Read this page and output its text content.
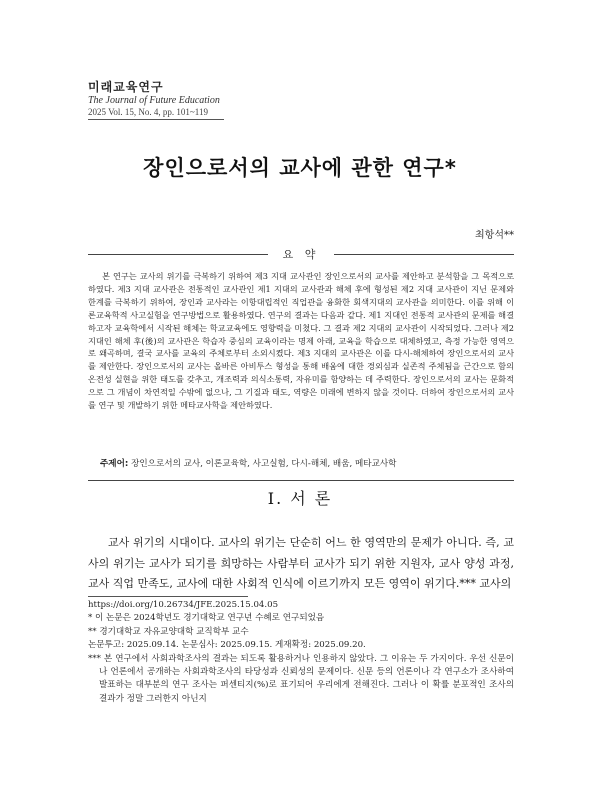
미래교육연구
The Journal of Future Education
2025 Vol. 15, No. 4, pp. 101~119
장인으로서의 교사에 관한 연구*
최항석**
요 약
본 연구는 교사의 위기를 극복하기 위하여 제3 지대 교사관인 장인으로서의 교사를 제안하고 분석함을 그 목적으로 하였다. 제3 지대 교사관은 전통적인 교사관인 제1 지대의 교사관과 해체 후에 형성된 제2 지대 교사관이 지닌 문제와 한계를 극복하기 위하여, 장인과 교사라는 이항대립적인 직업관을 융화한 회색지대의 교사관을 의미한다. 이를 위해 이론교육학적 사고실험을 연구방법으로 활용하였다. 연구의 결과는 다음과 같다. 제1 지대인 전통적 교사관의 문제를 해결하고자 교육학에서 시작된 해체는 학교교육에도 영향력을 미쳤다. 그 결과 제2 지대의 교사관이 시작되었다. 그러나 제2 지대인 해체 후(後)의 교사관은 학습자 중심의 교육이라는 명제 아래, 교육을 학습으로 대체하였고, 측정 가능한 영역으로 왜곡하며, 결국 교사를 교육의 주체로부터 소외시켰다. 제3 지대의 교사관은 이를 다시-해체하여 장인으로서의 교사를 제안한다. 장인으로서의 교사는 올바른 아비투스 형성을 통해 배움에 대한 경외심과 실존적 주체됨을 근간으로 함의 온전성 실현을 위한 태도를 갖추고, 개조력과 의식소통력, 자유미를 함양하는 데 주력한다. 장인으로서의 교사는 문화적으로 그 개념이 차연적일 수밖에 없으나, 그 기질과 태도, 역량은 미래에 변하지 않을 것이다. 더하여 장인으로서의 교사를 연구 및 개발하기 위한 메타교사학을 제안하였다.
주제어: 장인으로서의 교사, 이론교육학, 사고실험, 다시-해체, 배움, 메타교사학
Ⅰ. 서 론
교사 위기의 시대이다. 교사의 위기는 단순히 어느 한 영역만의 문제가 아니다. 즉, 교사의 위기는 교사가 되기를 희망하는 사람부터 교사가 되기 위한 지원자, 교사 양성 과정, 교사 직업 만족도, 교사에 대한 사회적 인식에 이르기까지 모든 영역이 위기다.*** 교사의
https://doi.org/10.26734/JFE.2025.15.04.05
* 이 논문은 2024학년도 경기대학교 연구년 수혜로 연구되었음
** 경기대학교 자유교양대학 교직학부 교수
논문투고: 2025.09.14. 논문심사: 2025.09.15. 게재확정: 2025.09.20.
*** 본 연구에서 사회과학조사의 결과는 되도록 활용하거나 인용하지 않았다. 그 이유는 두 가지이다. 우선 신문이나 언론에서 공개하는 사회과학조사의 타당성과 신뢰성의 문제이다. 신문 등의 언론이나 각 연구소가 조사하여 발표하는 대부분의 연구 조사는 퍼센티지(%)로 표기되어 우리에게 전해진다. 그러나 이 확률 분포적인 조사의 결과가 정말 그러한지 아닌지
